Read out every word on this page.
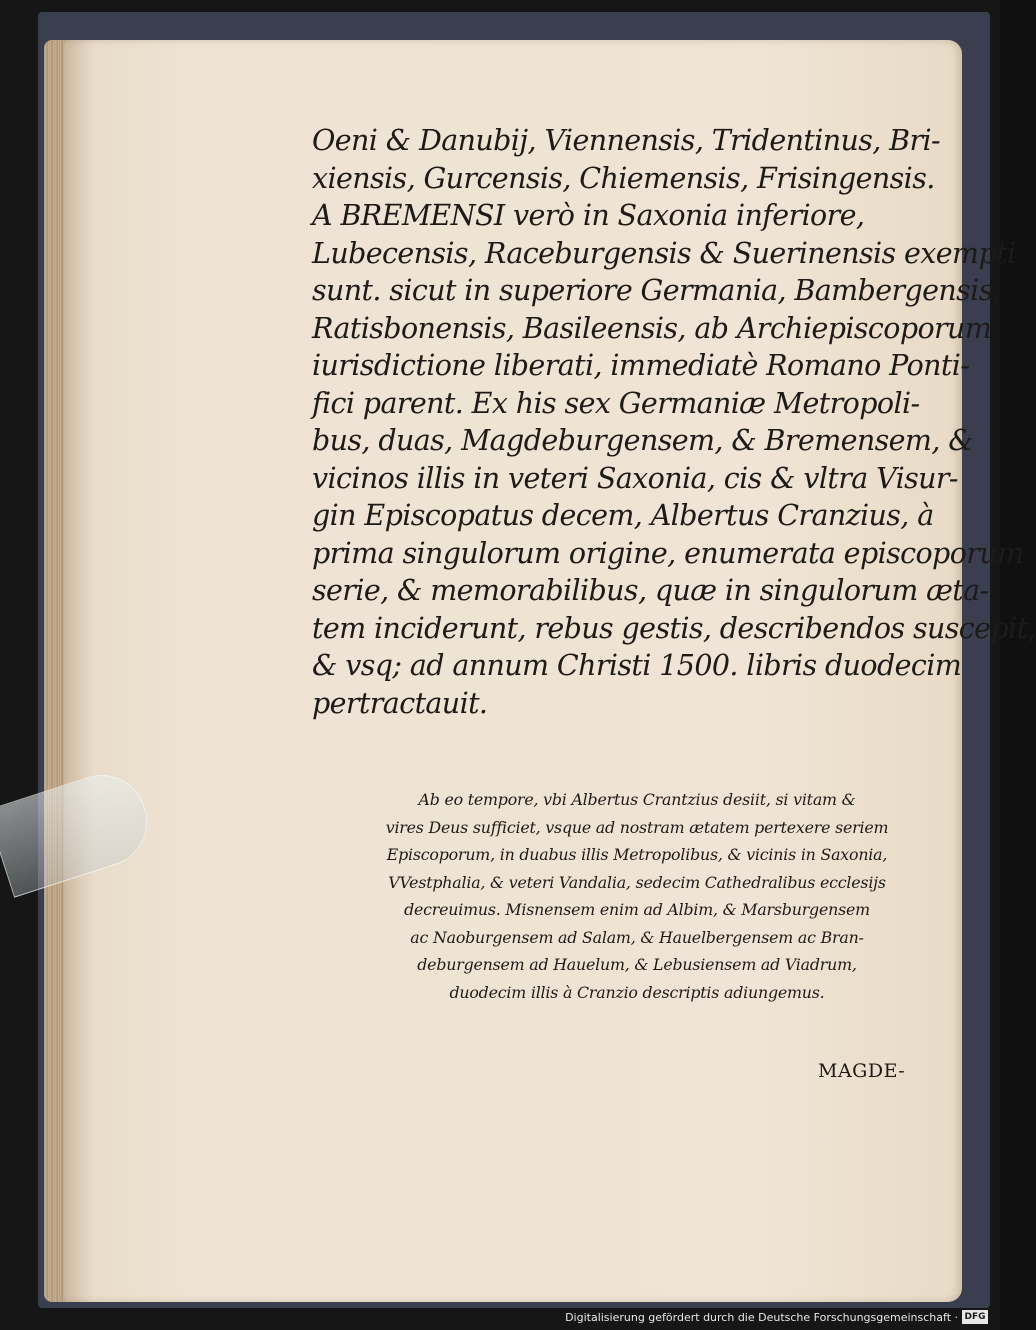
Oeni & Danubij, Viennensis, Tridentinus, Bri-
xiensis, Gurcensis, Chiemensis, Frisingensis.
A BREMENSI verò in Saxonia inferiore,
Lubecensis, Raceburgensis & Suerinensis exempti
sunt. sicut in superiore Germania, Bambergensis,
Ratisbonensis, Basileensis, ab Archiepiscoporum
iurisdictione liberati, immediatè Romano Ponti-
fici parent. Ex his sex Germaniæ Metropoli-
bus, duas, Magdeburgensem, & Bremensem, &
vicinos illis in veteri Saxonia, cis & vltra Visur-
gin Episcopatus decem, Albertus Cranzius, à
prima singulorum origine, enumerata episcoporum
serie, & memorabilibus, quæ in singulorum æta-
tem inciderunt, rebus gestis, describendos suscepit,
& vsq; ad annum Christi 1500. libris duodecim
pertractauit.
Ab eo tempore, vbi Albertus Crantzius desiit, si vitam &
vires Deus sufficiet, vsque ad nostram ætatem pertexere seriem
Episcoporum, in duabus illis Metropolibus, & vicinis in Saxonia,
VVestphalia, & veteri Vandalia, sedecim Cathedralibus ecclesijs
decreuimus. Misnensem enim ad Albim, & Marsburgensem
ac Naoburgensem ad Salam, & Hauelbergensem ac Bran-
deburgensem ad Hauelum, & Lebusiensem ad Viadrum,
duodecim illis à Cranzio descriptis adiungemus.
MAGDE-
Digitalisierung gefördert durch die Deutsche Forschungsgemeinschaft · DFG
